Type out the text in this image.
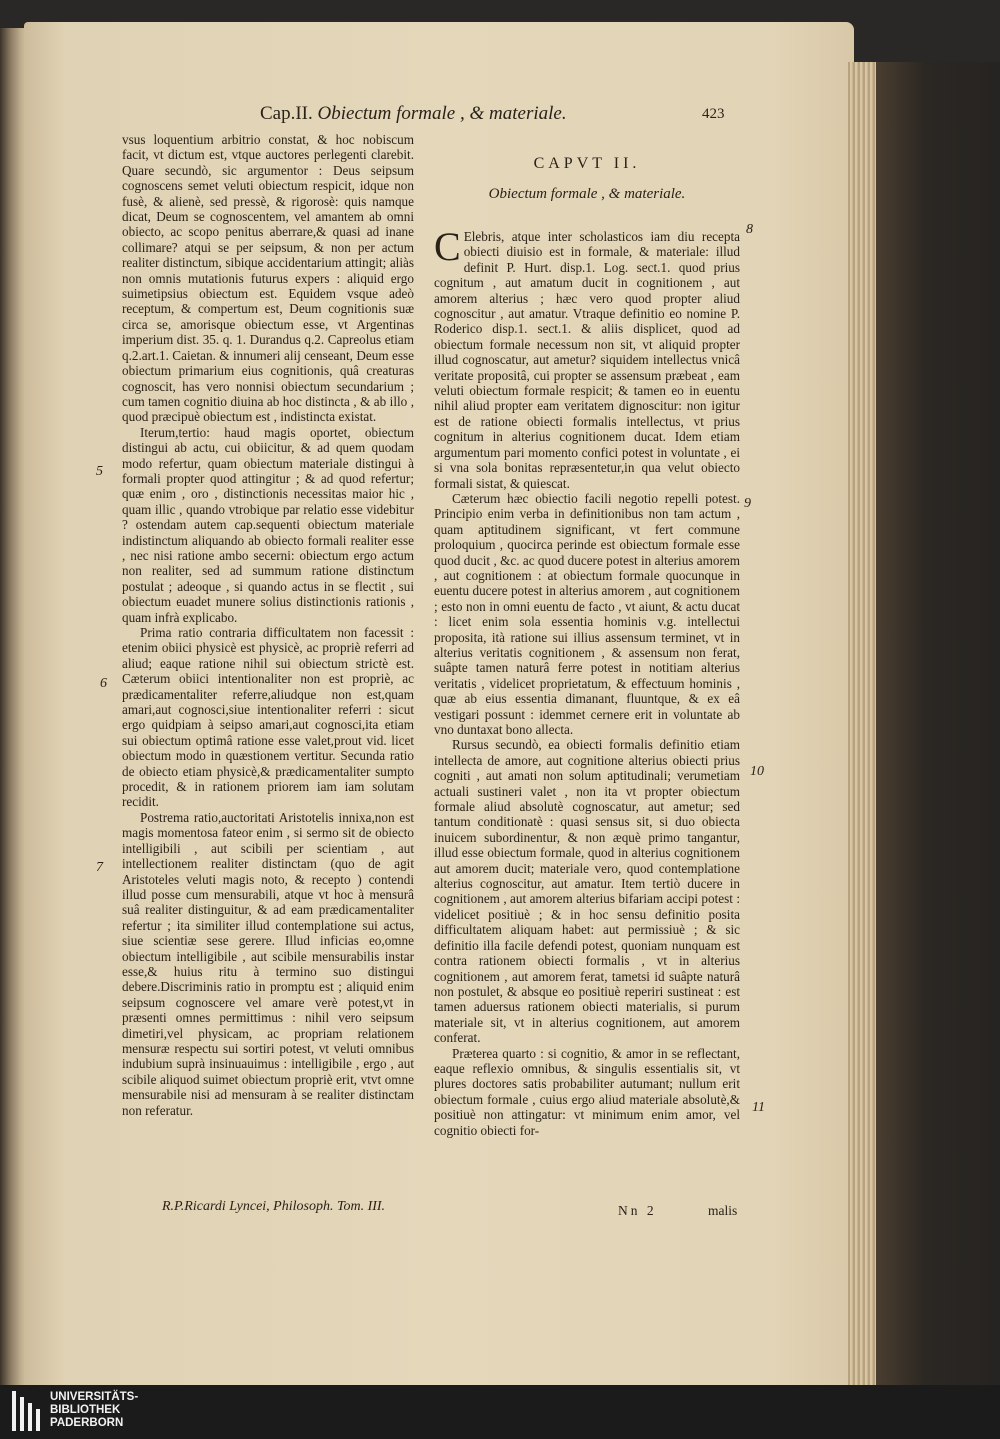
Cap.II. Obiectum formale , & materiale.	423

vsus loquentium arbitrio constat, & hoc nobiscum facit, vt dictum est, vtque auctores perlegenti clarebit. Quare secundò, sic argumentor : Deus seipsum cognoscens semet veluti obiectum respicit, idque non fusè, & alienè, sed pressè, & rigorosè: quis namque dicat, Deum se cognoscentem, vel amantem ab omni obiecto, ac scopo penitus aberrare,& quasi ad inane collimare? atqui se per seipsum, & non per actum realiter distinctum, sibique accidentarium attingit; aliàs non omnis mutationis futurus expers : aliquid ergo suimetipsius obiectum est. Equidem vsque adeò receptum, & compertum est, Deum cognitionis suæ circa se, amorisque obiectum esse, vt Argentinas imperium dist. 35. q. 1. Durandus q.2. Capreolus etiam q.2.art.1. Caietan. & innumeri alij censeant, Deum esse obiectum primarium eius cognitionis, quâ creaturas cognoscit, has vero nonnisi obiectum secundarium ; cum tamen cognitio diuina ab hoc distincta , & ab illo , quod præcipuè obiectum est , indistincta existat.

Iterum,tertio: haud magis oportet, obiectum distingui ab actu, cui obiicitur, & ad quem quodam modo refertur, quam obiectum materiale distingui à formali propter quod attingitur ; & ad quod refertur; quæ enim , oro , distinctionis necessitas maior hic , quam illic , quando vtrobique par relatio esse videbitur ? ostendam autem cap.sequenti obiectum materiale indistinctum aliquando ab obiecto formali realiter esse , nec nisi ratione ambo secerni: obiectum ergo actum non realiter, sed ad summum ratione distinctum postulat ; adeoque , si quando actus in se flectit , sui obiectum euadet munere solius distinctionis rationis , quam infrà explicabo.

Prima ratio contraria difficultatem non facessit : etenim obiici physicè est physicè, ac propriè referri ad aliud; eaque ratione nihil sui obiectum strictè est. Cæterum obiici intentionaliter non est propriè, ac prædicamentaliter referre,aliudque non est,quam amari,aut cognosci,siue intentionaliter referri : sicut ergo quidpiam à seipso amari,aut cognosci,ita etiam sui obiectum optimâ ratione esse valet,prout vid. licet obiectum modo in quæstionem vertitur. Secunda ratio de obiecto etiam physicè,& prædicamentaliter sumpto procedit, & in rationem priorem iam iam solutam recidit.

Postrema ratio,auctoritati Aristotelis innixa,non est magis momentosa fateor enim , si sermo sit de obiecto intelligibili , aut scibili per scientiam , aut intellectionem realiter distinctam (quo de agit Aristoteles veluti magis noto, & recepto ) contendi illud posse cum mensurabili, atque vt hoc à mensurâ suâ realiter distinguitur, & ad eam prædicamentaliter refertur ; ita similiter illud contemplatione sui actus, siue scientiæ sese gerere. Illud inficias eo,omne obiectum intelligibile , aut scibile mensurabilis instar esse,& huius ritu à termino suo distingui debere.Discriminis ratio in promptu est ; aliquid enim seipsum cognoscere vel amare verè potest,vt in præsenti omnes permittimus : nihil vero seipsum dimetiri,vel physicam, ac propriam relationem mensuræ respectu sui sortiri potest, vt veluti omnibus indubium suprà insinuauimus : intelligibile , ergo , aut scibile aliquod suimet obiectum propriè erit, vtvt omne mensurabile nisi ad mensuram à se realiter distinctam non referatur.

5
6
7
CAPVT II.
Obiectum formale , & materiale.

C Elebris, atque inter scholasticos iam diu recepta obiecti diuisio est in formale, & materiale: illud definit P. Hurt. disp.1. Log. sect.1. quod prius cognitum , aut amatum ducit in cognitionem , aut amorem alterius ; hæc vero quod propter aliud cognoscitur , aut amatur. Vtraque definitio eo nomine P. Roderico disp.1. sect.1. & aliis displicet, quod ad obiectum formale necessum non sit, vt aliquid propter illud cognoscatur, aut ametur? siquidem intellectus vnicâ veritate propositâ, cui propter se assensum præbeat , eam veluti obiectum formale respicit; & tamen eo in euentu nihil aliud propter eam veritatem dignoscitur: non igitur est de ratione obiecti formalis intellectus, vt prius cognitum in alterius cognitionem ducat. Idem etiam argumentum pari momento confici potest in voluntate , ei si vna sola bonitas repræsentetur,in qua velut obiecto formali sistat, & quiescat.

Cæterum hæc obiectio facili negotio repelli potest. Principio enim verba in definitionibus non tam actum , quam aptitudinem significant, vt fert commune proloquium , quocirca perinde est obiectum formale esse quod ducit , &c. ac quod ducere potest in alterius amorem , aut cognitionem : at obiectum formale quocunque in euentu ducere potest in alterius amorem , aut cognitionem ; esto non in omni euentu de facto , vt aiunt, & actu ducat : licet enim sola essentia hominis v.g. intellectui proposita, ità ratione sui illius assensum terminet, vt in alterius veritatis cognitionem , & assensum non ferat, suâpte tamen naturâ ferre potest in notitiam alterius veritatis , videlicet proprietatum, & effectuum hominis , quæ ab eius essentia dimanant, fluuntque, & ex eâ vestigari possunt : idemmet cernere erit in voluntate ab vno duntaxat bono allecta.

Rursus secundò, ea obiecti formalis definitio etiam intellecta de amore, aut cognitione alterius obiecti prius cogniti , aut amati non solum aptitudinali; verumetiam actuali sustineri valet , non ita vt propter obiectum formale aliud absolutè cognoscatur, aut ametur; sed tantum conditionatè : quasi sensus sit, si duo obiecta inuicem subordinentur, & non æquè primo tangantur, illud esse obiectum formale, quod in alterius cognitionem aut amorem ducit; materiale vero, quod contemplatione alterius cognoscitur, aut amatur. Item tertiò ducere in cognitionem , aut amorem alterius bifariam accipi potest : videlicet positiuè ; & in hoc sensu definitio posita difficultatem aliquam habet: aut permissiuè ; & sic definitio illa facile defendi potest, quoniam nunquam est contra rationem obiecti formalis , vt in alterius cognitionem , aut amorem ferat, tametsi id suâpte naturâ non postulet, & absque eo positiuè reperiri sustineat : est tamen aduersus rationem obiecti materialis, si purum materiale sit, vt in alterius cognitionem, aut amorem conferat.

Præterea quarto : si cognitio, & amor in se reflectant, eaque reflexio omnibus, & singulis essentialis sit, vt plures doctores satis probabiliter autumant; nullum erit obiectum formale , cuius ergo aliud materiale absolutè,& positiuè non attingatur: vt minimum enim amor, vel cognitio obiecti for-

8
9
10
11
R.P.Ricardi Lyncei, Philosoph. Tom. III.	Nn 2	malis
UNIVERSITÄTS-
BIBLIOTHEK
PADERBORN
